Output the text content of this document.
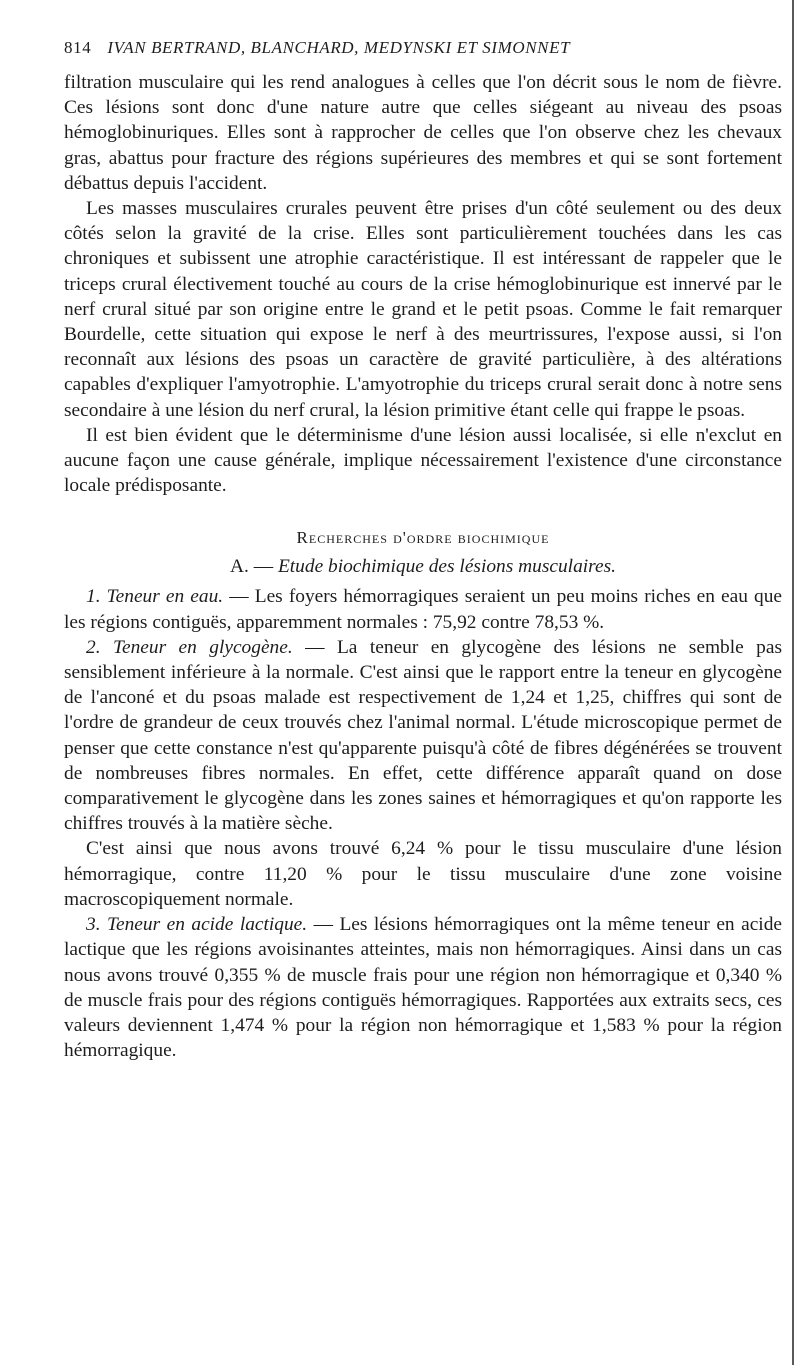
814 IVAN BERTRAND, BLANCHARD, MEDYNSKI ET SIMONNET

filtration musculaire qui les rend analogues à celles que l'on décrit sous le nom de fièvre. Ces lésions sont donc d'une nature autre que celles siégeant au niveau des psoas hémoglobinuriques. Elles sont à rapprocher de celles que l'on observe chez les chevaux gras, abattus pour fracture des régions supérieures des membres et qui se sont fortement débattus depuis l'accident.

Les masses musculaires crurales peuvent être prises d'un côté seulement ou des deux côtés selon la gravité de la crise. Elles sont particulièrement touchées dans les cas chroniques et subissent une atrophie caractéristique. Il est intéressant de rappeler que le triceps crural électivement touché au cours de la crise hémoglobinurique est innervé par le nerf crural situé par son origine entre le grand et le petit psoas. Comme le fait remarquer Bourdelle, cette situation qui expose le nerf à des meurtrissures, l'expose aussi, si l'on reconnaît aux lésions des psoas un caractère de gravité particulière, à des altérations capables d'expliquer l'amyotrophie. L'amyotrophie du triceps crural serait donc à notre sens secondaire à une lésion du nerf crural, la lésion primitive étant celle qui frappe le psoas.

Il est bien évident que le déterminisme d'une lésion aussi localisée, si elle n'exclut en aucune façon une cause générale, implique nécessairement l'existence d'une circonstance locale prédisposante.

Recherches d'ordre biochimique
A. — Etude biochimique des lésions musculaires.

1. Teneur en eau. — Les foyers hémorragiques seraient un peu moins riches en eau que les régions contiguës, apparemment normales : 75,92 contre 78,53 %.

2. Teneur en glycogène. — La teneur en glycogène des lésions ne semble pas sensiblement inférieure à la normale. C'est ainsi que le rapport entre la teneur en glycogène de l'anconé et du psoas malade est respectivement de 1,24 et 1,25, chiffres qui sont de l'ordre de grandeur de ceux trouvés chez l'animal normal. L'étude microscopique permet de penser que cette constance n'est qu'apparente puisqu'à côté de fibres dégénérées se trouvent de nombreuses fibres normales. En effet, cette différence apparaît quand on dose comparativement le glycogène dans les zones saines et hémorragiques et qu'on rapporte les chiffres trouvés à la matière sèche.

C'est ainsi que nous avons trouvé 6,24 % pour le tissu musculaire d'une lésion hémorragique, contre 11,20 % pour le tissu musculaire d'une zone voisine macroscopiquement normale.

3. Teneur en acide lactique. — Les lésions hémorragiques ont la même teneur en acide lactique que les régions avoisinantes atteintes, mais non hémorragiques. Ainsi dans un cas nous avons trouvé 0,355 % de muscle frais pour une région non hémorragique et 0,340 % de muscle frais pour des régions contiguës hémorragiques. Rapportées aux extraits secs, ces valeurs deviennent 1,474 % pour la région non hémorragique et 1,583 % pour la région hémorragique.
